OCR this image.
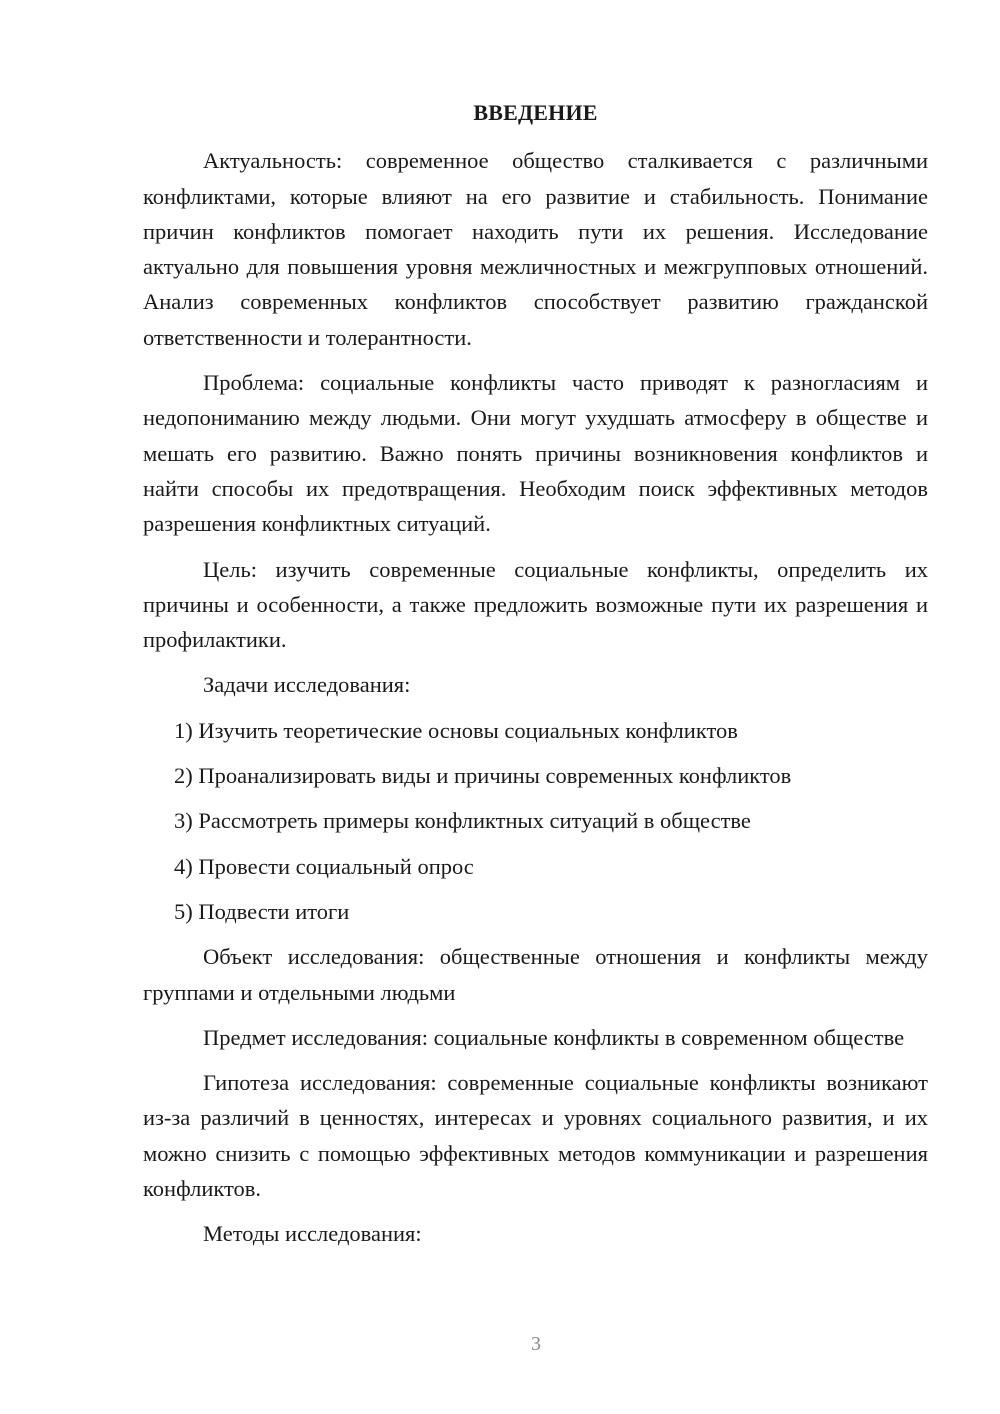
ВВЕДЕНИЕ

Актуальность: современное общество сталкивается с различными конфликтами, которые влияют на его развитие и стабильность. Понимание причин конфликтов помогает находить пути их решения. Исследование актуально для повышения уровня межличностных и межгрупповых отношений. Анализ современных конфликтов способствует развитию гражданской ответственности и толерантности.

Проблема: социальные конфликты часто приводят к разногласиям и недопониманию между людьми. Они могут ухудшать атмосферу в обществе и мешать его развитию. Важно понять причины возникновения конфликтов и найти способы их предотвращения. Необходим поиск эффективных методов разрешения конфликтных ситуаций.

Цель: изучить современные социальные конфликты, определить их причины и особенности, а также предложить возможные пути их разрешения и профилактики.

Задачи исследования:

1) Изучить теоретические основы социальных конфликтов
2) Проанализировать виды и причины современных конфликтов
3) Рассмотреть примеры конфликтных ситуаций в обществе
4) Провести социальный опрос
5) Подвести итоги

Объект исследования: общественные отношения и конфликты между группами и отдельными людьми

Предмет исследования: социальные конфликты в современном обществе

Гипотеза исследования: современные социальные конфликты возникают из-за различий в ценностях, интересах и уровнях социального развития, и их можно снизить с помощью эффективных методов коммуникации и разрешения конфликтов.

Методы исследования:

3
